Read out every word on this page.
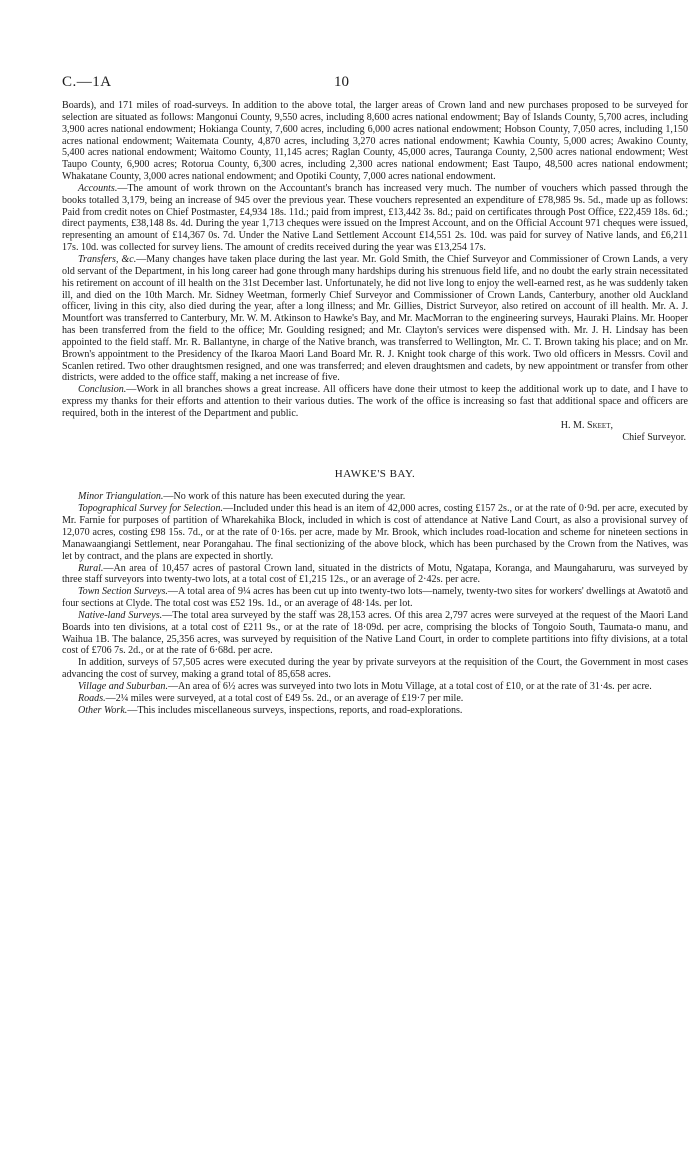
C.—1A	10

Boards), and 171 miles of road-surveys. In addition to the above total, the larger areas of Crown land and new purchases proposed to be surveyed for selection are situated as follows: Mangonui County, 9,550 acres, including 8,600 acres national endowment; Bay of Islands County, 5,700 acres, including 3,900 acres national endowment; Hokianga County, 7,600 acres, including 6,000 acres national endowment; Hobson County, 7,050 acres, including 1,150 acres national endowment; Waitemata County, 4,870 acres, including 3,270 acres national endowment; Kawhia County, 5,000 acres; Awakino County, 5,400 acres national endowment; Waitomo County, 11,145 acres; Raglan County, 45,000 acres, Tauranga County, 2,500 acres national endowment; West Taupo County, 6,900 acres; Rotorua County, 6,300 acres, including 2,300 acres national endowment; East Taupo, 48,500 acres national endowment; Whakatane County, 3,000 acres national endowment; and Opotiki County, 7,000 acres national endowment.

Accounts.—The amount of work thrown on the Accountant's branch has increased very much. The number of vouchers which passed through the books totalled 3,179, being an increase of 945 over the previous year. These vouchers represented an expenditure of £78,985 9s. 5d., made up as follows: Paid from credit notes on Chief Postmaster, £4,934 18s. 11d.; paid from imprest, £13,442 3s. 8d.; paid on certificates through Post Office, £22,459 18s. 6d.; direct payments, £38,148 8s. 4d. During the year 1,713 cheques were issued on the Imprest Account, and on the Official Account 971 cheques were issued, representing an amount of £14,367 0s. 7d. Under the Native Land Settlement Account £14,551 2s. 10d. was paid for survey of Native lands, and £6,211 17s. 10d. was collected for survey liens. The amount of credits received during the year was £13,254 17s.

Transfers, &c.—Many changes have taken place during the last year. Mr. Gold Smith, the Chief Surveyor and Commissioner of Crown Lands, a very old servant of the Department, in his long career had gone through many hardships during his strenuous field life, and no doubt the early strain necessitated his retirement on account of ill health on the 31st December last. Unfortunately, he did not live long to enjoy the well-earned rest, as he was suddenly taken ill, and died on the 10th March. Mr. Sidney Weetman, formerly Chief Surveyor and Commissioner of Crown Lands, Canterbury, another old Auckland officer, living in this city, also died during the year, after a long illness; and Mr. Gillies, District Surveyor, also retired on account of ill health. Mr. A. J. Mountfort was transferred to Canterbury, Mr. W. M. Atkinson to Hawke's Bay, and Mr. MacMorran to the engineering surveys, Hauraki Plains. Mr. Hooper has been transferred from the field to the office; Mr. Goulding resigned; and Mr. Clayton's services were dispensed with. Mr. J. H. Lindsay has been appointed to the field staff. Mr. R. Ballantyne, in charge of the Native branch, was transferred to Wellington, Mr. C. T. Brown taking his place; and on Mr. Brown's appointment to the Presidency of the Ikaroa Maori Land Board Mr. R. J. Knight took charge of this work. Two old officers in Messrs. Covil and Scanlen retired. Two other draughtsmen resigned, and one was transferred; and eleven draughtsmen and cadets, by new appointment or transfer from other districts, were added to the office staff, making a net increase of five.

Conclusion.—Work in all branches shows a great increase. All officers have done their utmost to keep the additional work up to date, and I have to express my thanks for their efforts and attention to their various duties. The work of the office is increasing so fast that additional space and officers are required, both in the interest of the Department and public.

H. M. Skeet,
Chief Surveyor.
HAWKE'S BAY.

Minor Triangulation.—No work of this nature has been executed during the year.

Topographical Survey for Selection.—Included under this head is an item of 42,000 acres, costing £157 2s., or at the rate of 0·9d. per acre, executed by Mr. Farnie for purposes of partition of Wharekahika Block, included in which is cost of attendance at Native Land Court, as also a provisional survey of 12,070 acres, costing £98 15s. 7d., or at the rate of 0·16s. per acre, made by Mr. Brook, which includes road-location and scheme for nineteen sections in Manawaangiangi Settlement, near Porangahau. The final sectionizing of the above block, which has been purchased by the Crown from the Natives, was let by contract, and the plans are expected in shortly.

Rural.—An area of 10,457 acres of pastoral Crown land, situated in the districts of Motu, Ngatapa, Koranga, and Maungaharuru, was surveyed by three staff surveyors into twenty-two lots, at a total cost of £1,215 12s., or an average of 2·42s. per acre.

Town Section Surveys.—A total area of 9¼ acres has been cut up into twenty-two lots—namely, twenty-two sites for workers' dwellings at Awatotō and four sections at Clyde. The total cost was £52 19s. 1d., or an average of 48·14s. per lot.

Native-land Surveys.—The total area surveyed by the staff was 28,153 acres. Of this area 2,797 acres were surveyed at the request of the Maori Land Boards into ten divisions, at a total cost of £211 9s., or at the rate of 18·09d. per acre, comprising the blocks of Tongoio South, Taumata-o manu, and Waihua 1B. The balance, 25,356 acres, was surveyed by requisition of the Native Land Court, in order to complete partitions into fifty divisions, at a total cost of £706 7s. 2d., or at the rate of 6·68d. per acre.

In addition, surveys of 57,505 acres were executed during the year by private surveyors at the requisition of the Court, the Government in most cases advancing the cost of survey, making a grand total of 85,658 acres.

Village and Suburban.—An area of 6½ acres was surveyed into two lots in Motu Village, at a total cost of £10, or at the rate of 31·4s. per acre.

Roads.—2¼ miles were surveyed, at a total cost of £49 5s. 2d., or an average of £19·7 per mile.

Other Work.—This includes miscellaneous surveys, inspections, reports, and road-explorations.
